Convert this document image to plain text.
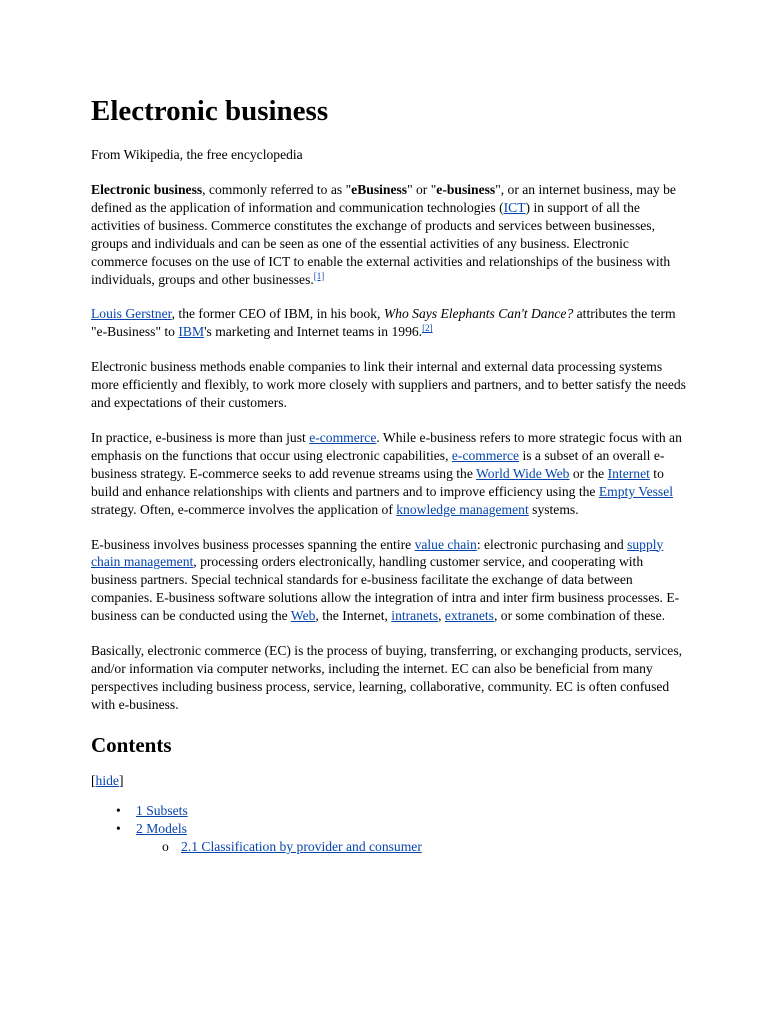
Electronic business
From Wikipedia, the free encyclopedia

Electronic business, commonly referred to as "eBusiness" or "e-business", or an internet business, may be defined as the application of information and communication technologies (ICT) in support of all the activities of business. Commerce constitutes the exchange of products and services between businesses, groups and individuals and can be seen as one of the essential activities of any business. Electronic commerce focuses on the use of ICT to enable the external activities and relationships of the business with individuals, groups and other businesses.[1]

Louis Gerstner, the former CEO of IBM, in his book, Who Says Elephants Can't Dance? attributes the term "e-Business" to IBM's marketing and Internet teams in 1996.[2]

Electronic business methods enable companies to link their internal and external data processing systems more efficiently and flexibly, to work more closely with suppliers and partners, and to better satisfy the needs and expectations of their customers.

In practice, e-business is more than just e-commerce. While e-business refers to more strategic focus with an emphasis on the functions that occur using electronic capabilities, e-commerce is a subset of an overall e-business strategy. E-commerce seeks to add revenue streams using the World Wide Web or the Internet to build and enhance relationships with clients and partners and to improve efficiency using the Empty Vessel strategy. Often, e-commerce involves the application of knowledge management systems.

E-business involves business processes spanning the entire value chain: electronic purchasing and supply chain management, processing orders electronically, handling customer service, and cooperating with business partners. Special technical standards for e-business facilitate the exchange of data between companies. E-business software solutions allow the integration of intra and inter firm business processes. E-business can be conducted using the Web, the Internet, intranets, extranets, or some combination of these.

Basically, electronic commerce (EC) is the process of buying, transferring, or exchanging products, services, and/or information via computer networks, including the internet. EC can also be beneficial from many perspectives including business process, service, learning, collaborative, community. EC is often confused with e-business.

Contents
[hide]
• 1 Subsets
• 2 Models
o 2.1 Classification by provider and consumer
